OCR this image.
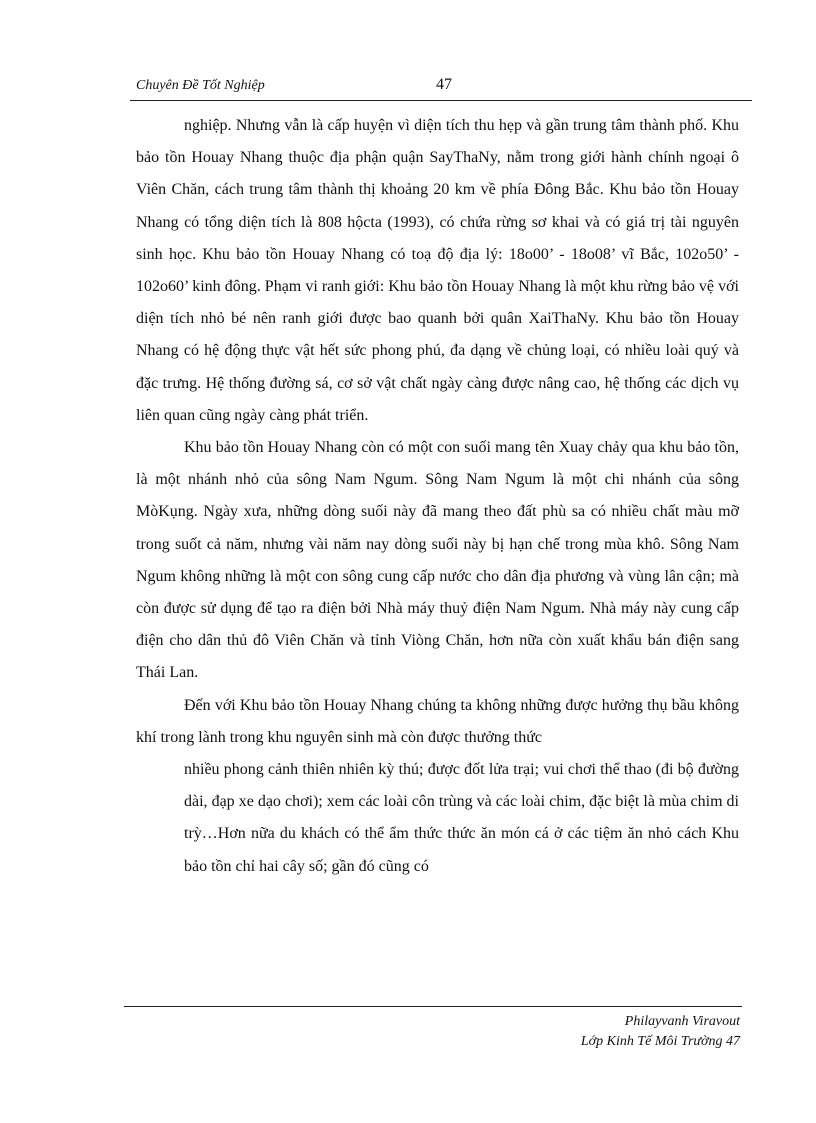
Chuyên Đề Tốt Nghiệp	47

nghiệp. Nhưng vẫn là cấp huyện vì diện tích thu hẹp và gần trung tâm thành phố. Khu bảo tồn Houay Nhang thuộc địa phận quận SayThaNy, nằm trong giới hành chính ngoại ô Viên Chăn, cách trung tâm thành thị khoảng 20 km về phía Đông Bắc. Khu bảo tồn Houay Nhang có tổng diện tích là 808 hộcta (1993), có chứa rừng sơ khai và có giá trị tài nguyên sinh học. Khu bảo tồn Houay Nhang có toạ độ địa lý: 18o00’ - 18o08’ vĩ Bắc, 102o50’ - 102o60’ kinh đông. Phạm vi ranh giới: Khu bảo tồn Houay Nhang là một khu rừng bảo vệ với diện tích nhỏ bé nên ranh giới được bao quanh bởi quân XaiThaNy. Khu bảo tồn Houay Nhang có hệ động thực vật hết sức phong phú, đa dạng về chủng loại, có nhiều loài quý và đặc trưng. Hệ thống đường sá, cơ sở vật chất ngày càng được nâng cao, hệ thống các dịch vụ liên quan cũng ngày càng phát triển.

Khu bảo tồn Houay Nhang còn có một con suối mang tên Xuay chảy qua khu bảo tồn, là một nhánh nhỏ của sông Nam Ngum. Sông Nam Ngum là một chi nhánh của sông MòKụng. Ngày xưa, những dòng suối này đã mang theo đất phù sa có nhiều chất màu mỡ trong suốt cả năm, nhưng vài năm nay dòng suối này bị hạn chế trong mùa khô. Sông Nam Ngum không những là một con sông cung cấp nước cho dân địa phương và vùng lân cận; mà còn được sử dụng để tạo ra điện bởi Nhà máy thuỷ điện Nam Ngum. Nhà máy này cung cấp điện cho dân thủ đô Viên Chăn và tỉnh Viòng Chăn, hơn nữa còn xuất khẩu bán điện sang Thái Lan.

Đến với Khu bảo tồn Houay Nhang chúng ta không những được hưởng thụ bầu không khí trong lành trong khu nguyên sinh mà còn được thưởng thức

nhiều phong cảnh thiên nhiên kỳ thú; được đốt lửa trại; vui chơi thể thao (đi bộ đường dài, đạp xe dạo chơi); xem các loài côn trùng và các loài chim, đặc biệt là mùa chim di trỳ…Hơn nữa du khách có thể ẩm thức thức ăn món cá ở các tiệm ăn nhỏ cách Khu bảo tồn chỉ hai cây số; gần đó cũng có

Philayvanh Viravout
Lớp Kinh Tế Môi Trường 47
